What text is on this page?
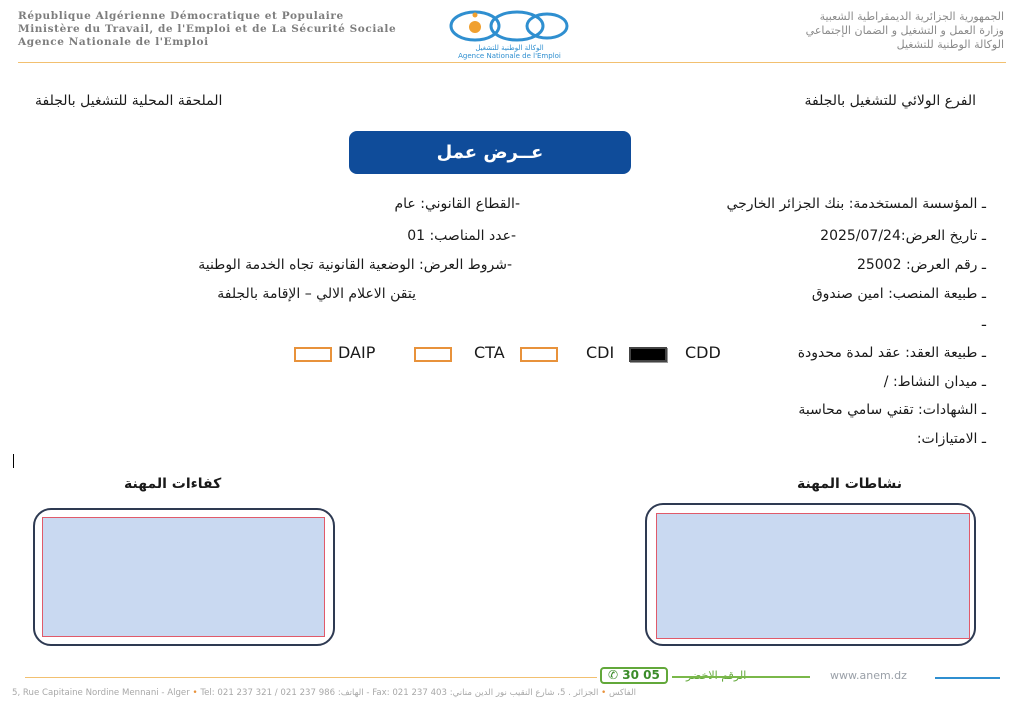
République Algérienne Démocratique et Populaire
Ministère du Travail, de l'Emploi et de La Sécurité Sociale
Agence Nationale de l'Emploi	الوكالة الوطنية للتشغيل
Agence Nationale de l'Emploi
الجمهورية الجزائرية الديمقراطية الشعبية
وزارة العمل و التشغيل و الضمان الإجتماعي
الوكالة الوطنية للتشغيل
الفرع الولائي للتشغيل بالجلفة
الملحقة المحلية للتشغيل بالجلفة
عــرض عمل
ـ المؤسسة المستخدمة: بنك الجزائر الخارجي
ـ تاريخ العرض:2025/07/24
ـ رقم العرض: 25002
ـ طبيعة المنصب: امين صندوق
ـ
ـ طبيعة العقد: عقد لمدة محدودة
ـ ميدان النشاط: /
ـ الشهادات: تقني سامي محاسبة
ـ الامتيازات:
-القطاع القانوني: عام
-عدد المناصب: 01
-شروط العرض: الوضعية القانونية تجاه الخدمة الوطنية
يتقن الاعلام الالي – الإقامة بالجلفة
CDD
CDI
CTA
DAIP
نشاطات المهنة
كفاءات المهنة
✆ 30 05	www.anem.dz
5, Rue Capitaine Nordine Mennani - Alger • Tel: 021 237 321 / 021 237 986 :الهاتف - Fax: 021 237 403 :الفاكس • الجزائر . 5، شارع النقيب نور الدين مناني
